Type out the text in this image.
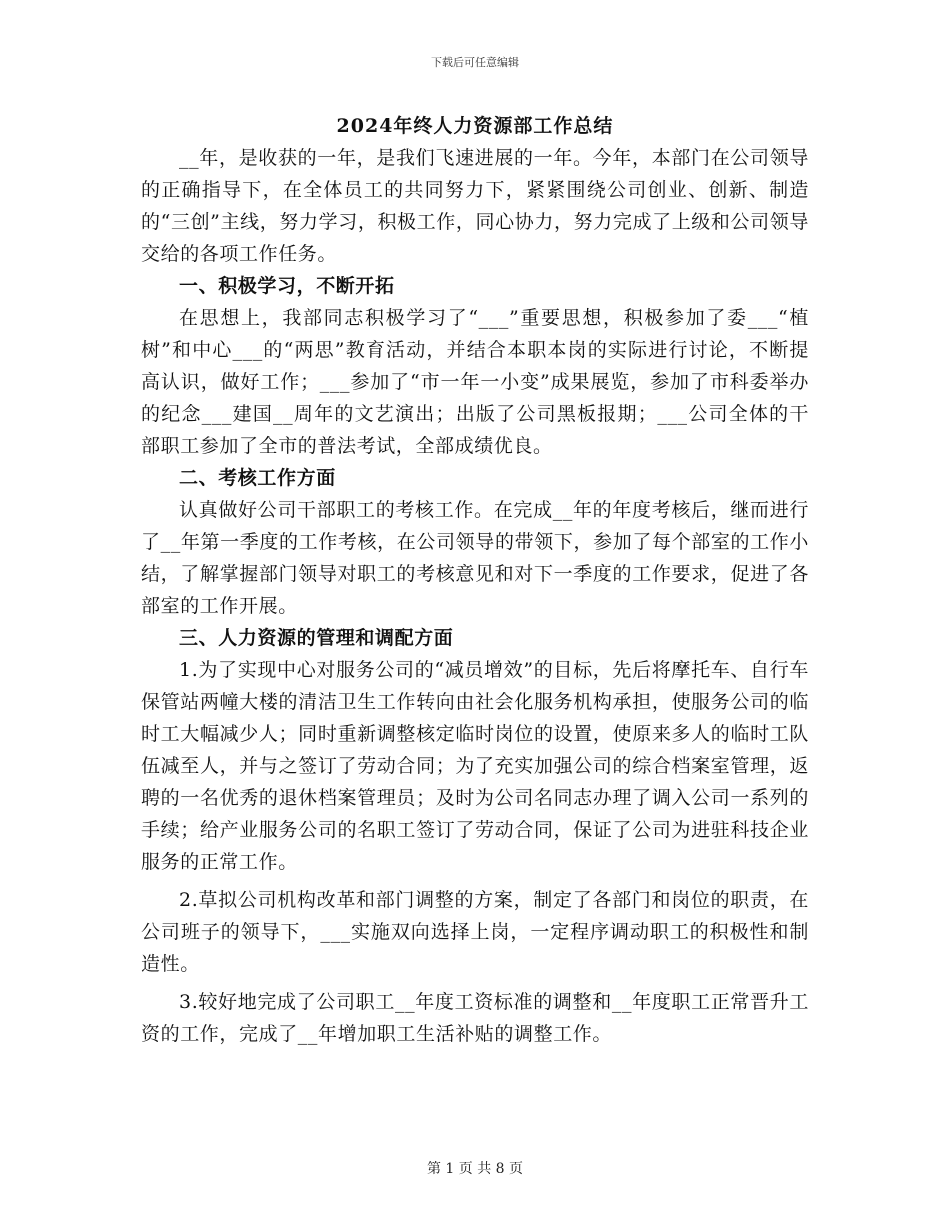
下载后可任意编辑
2024年终人力资源部工作总结

__年，是收获的一年，是我们飞速进展的一年。今年，本部门在公司领导的正确指导下，在全体员工的共同努力下，紧紧围绕公司创业、创新、制造的“三创”主线，努力学习，积极工作，同心协力，努力完成了上级和公司领导交给的各项工作任务。

一、积极学习，不断开拓

在思想上，我部同志积极学习了“___”重要思想，积极参加了委___“植树”和中心___的“两思”教育活动，并结合本职本岗的实际进行讨论，不断提高认识，做好工作；___参加了“市一年一小变”成果展览，参加了市科委举办的纪念___建国__周年的文艺演出；出版了公司黑板报期；___公司全体的干部职工参加了全市的普法考试，全部成绩优良。

二、考核工作方面

认真做好公司干部职工的考核工作。在完成__年的年度考核后，继而进行了__年第一季度的工作考核，在公司领导的带领下，参加了每个部室的工作小结，了解掌握部门领导对职工的考核意见和对下一季度的工作要求，促进了各部室的工作开展。

三、人力资源的管理和调配方面

1.为了实现中心对服务公司的“减员增效”的目标，先后将摩托车、自行车保管站两幢大楼的清洁卫生工作转向由社会化服务机构承担，使服务公司的临时工大幅减少人；同时重新调整核定临时岗位的设置，使原来多人的临时工队伍减至人，并与之签订了劳动合同；为了充实加强公司的综合档案室管理，返聘的一名优秀的退休档案管理员；及时为公司名同志办理了调入公司一系列的手续；给产业服务公司的名职工签订了劳动合同，保证了公司为进驻科技企业服务的正常工作。

2.草拟公司机构改革和部门调整的方案，制定了各部门和岗位的职责，在公司班子的领导下，___实施双向选择上岗，一定程序调动职工的积极性和制造性。

3.较好地完成了公司职工__年度工资标准的调整和__年度职工正常晋升工资的工作，完成了__年增加职工生活补贴的调整工作。

第 1 页 共 8 页
